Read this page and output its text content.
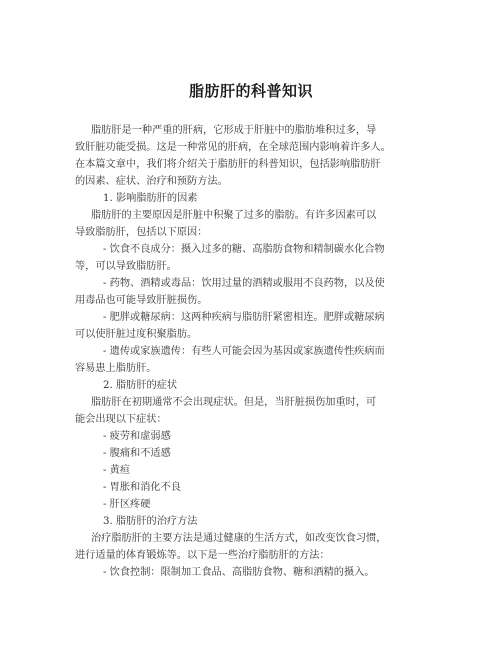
脂肪肝的科普知识
脂肪肝是一种严重的肝病，它形成于肝脏中的脂肪堆积过多，导
致肝脏功能受损。这是一种常见的肝病，在全球范围内影响着许多人。
在本篇文章中，我们将介绍关于脂肪肝的科普知识，包括影响脂肪肝
的因素、症状、治疗和预防方法。
1. 影响脂肪肝的因素
脂肪肝的主要原因是肝脏中积聚了过多的脂肪。有许多因素可以
导致脂肪肝，包括以下原因：
- 饮食不良成分：摄入过多的糖、高脂肪食物和精制碳水化合物
等，可以导致脂肪肝。
- 药物、酒精或毒品：饮用过量的酒精或服用不良药物，以及使
用毒品也可能导致肝脏损伤。
- 肥胖或糖尿病：这两种疾病与脂肪肝紧密相连。肥胖或糖尿病
可以使肝脏过度积聚脂肪。
- 遗传或家族遗传：有些人可能会因为基因或家族遗传性疾病而
容易患上脂肪肝。
2. 脂肪肝的症状
脂肪肝在初期通常不会出现症状。但是，当肝脏损伤加重时，可
能会出现以下症状：
- 疲劳和虚弱感
- 腹痛和不适感
- 黄疸
- 胃胀和消化不良
- 肝区疼硬
3. 脂肪肝的治疗方法
治疗脂肪肝的主要方法是通过健康的生活方式，如改变饮食习惯，
进行适量的体育锻炼等。以下是一些治疗脂肪肝的方法：
- 饮食控制：限制加工食品、高脂肪食物、糖和酒精的摄入。
